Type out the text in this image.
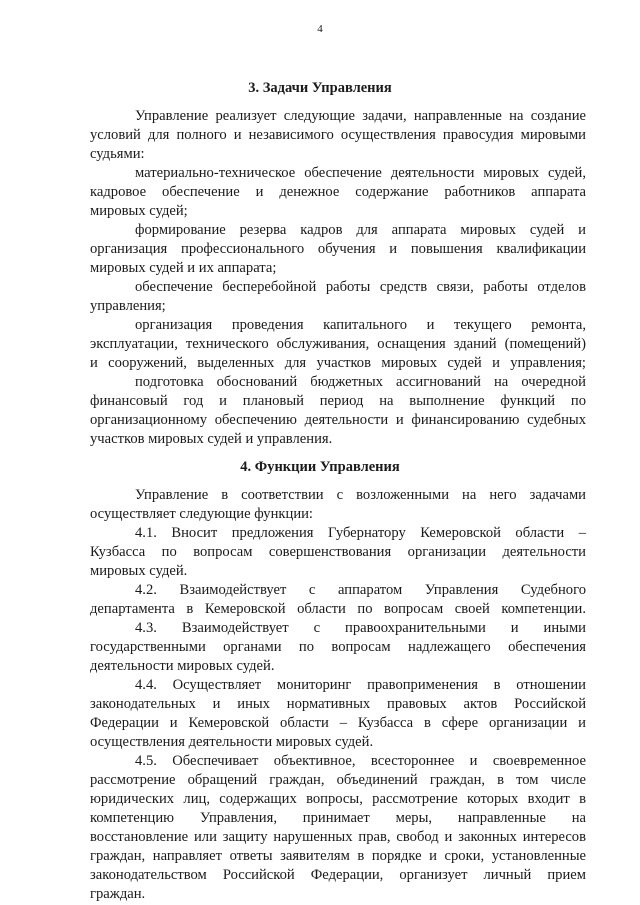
4
3. Задачи Управления
Управление реализует следующие задачи, направленные на создание
условий для полного и независимого осуществления правосудия мировыми
судьями:
материально-техническое обеспечение деятельности мировых судей,
кадровое обеспечение и денежное содержание работников аппарата
мировых судей;
формирование резерва кадров для аппарата мировых судей и
организация профессионального обучения и повышения квалификации
мировых судей и их аппарата;
обеспечение бесперебойной работы средств связи, работы отделов
управления;
организация проведения капитального и текущего ремонта,
эксплуатации, технического обслуживания, оснащения зданий (помещений)
и сооружений, выделенных для участков мировых судей и управления;
подготовка обоснований бюджетных ассигнований на очередной
финансовый год и плановый период на выполнение функций по
организационному обеспечению деятельности и финансированию судебных
участков мировых судей и управления.
4. Функции Управления
Управление в соответствии с возложенными на него задачами
осуществляет следующие функции:
4.1. Вносит предложения Губернатору Кемеровской области –
Кузбасса по вопросам совершенствования организации деятельности
мировых судей.
4.2. Взаимодействует с аппаратом Управления Судебного
департамента в Кемеровской области по вопросам своей компетенции.
4.3. Взаимодействует с правоохранительными и иными
государственными органами по вопросам надлежащего обеспечения
деятельности мировых судей.
4.4. Осуществляет мониторинг правоприменения в отношении
законодательных и иных нормативных правовых актов Российской
Федерации и Кемеровской области – Кузбасса в сфере организации и
осуществления деятельности мировых судей.
4.5. Обеспечивает объективное, всестороннее и своевременное
рассмотрение обращений граждан, объединений граждан, в том числе
юридических лиц, содержащих вопросы, рассмотрение которых входит в
компетенцию Управления, принимает меры, направленные на
восстановление или защиту нарушенных прав, свобод и законных интересов
граждан, направляет ответы заявителям в порядке и сроки, установленные
законодательством Российской Федерации, организует личный прием
граждан.
